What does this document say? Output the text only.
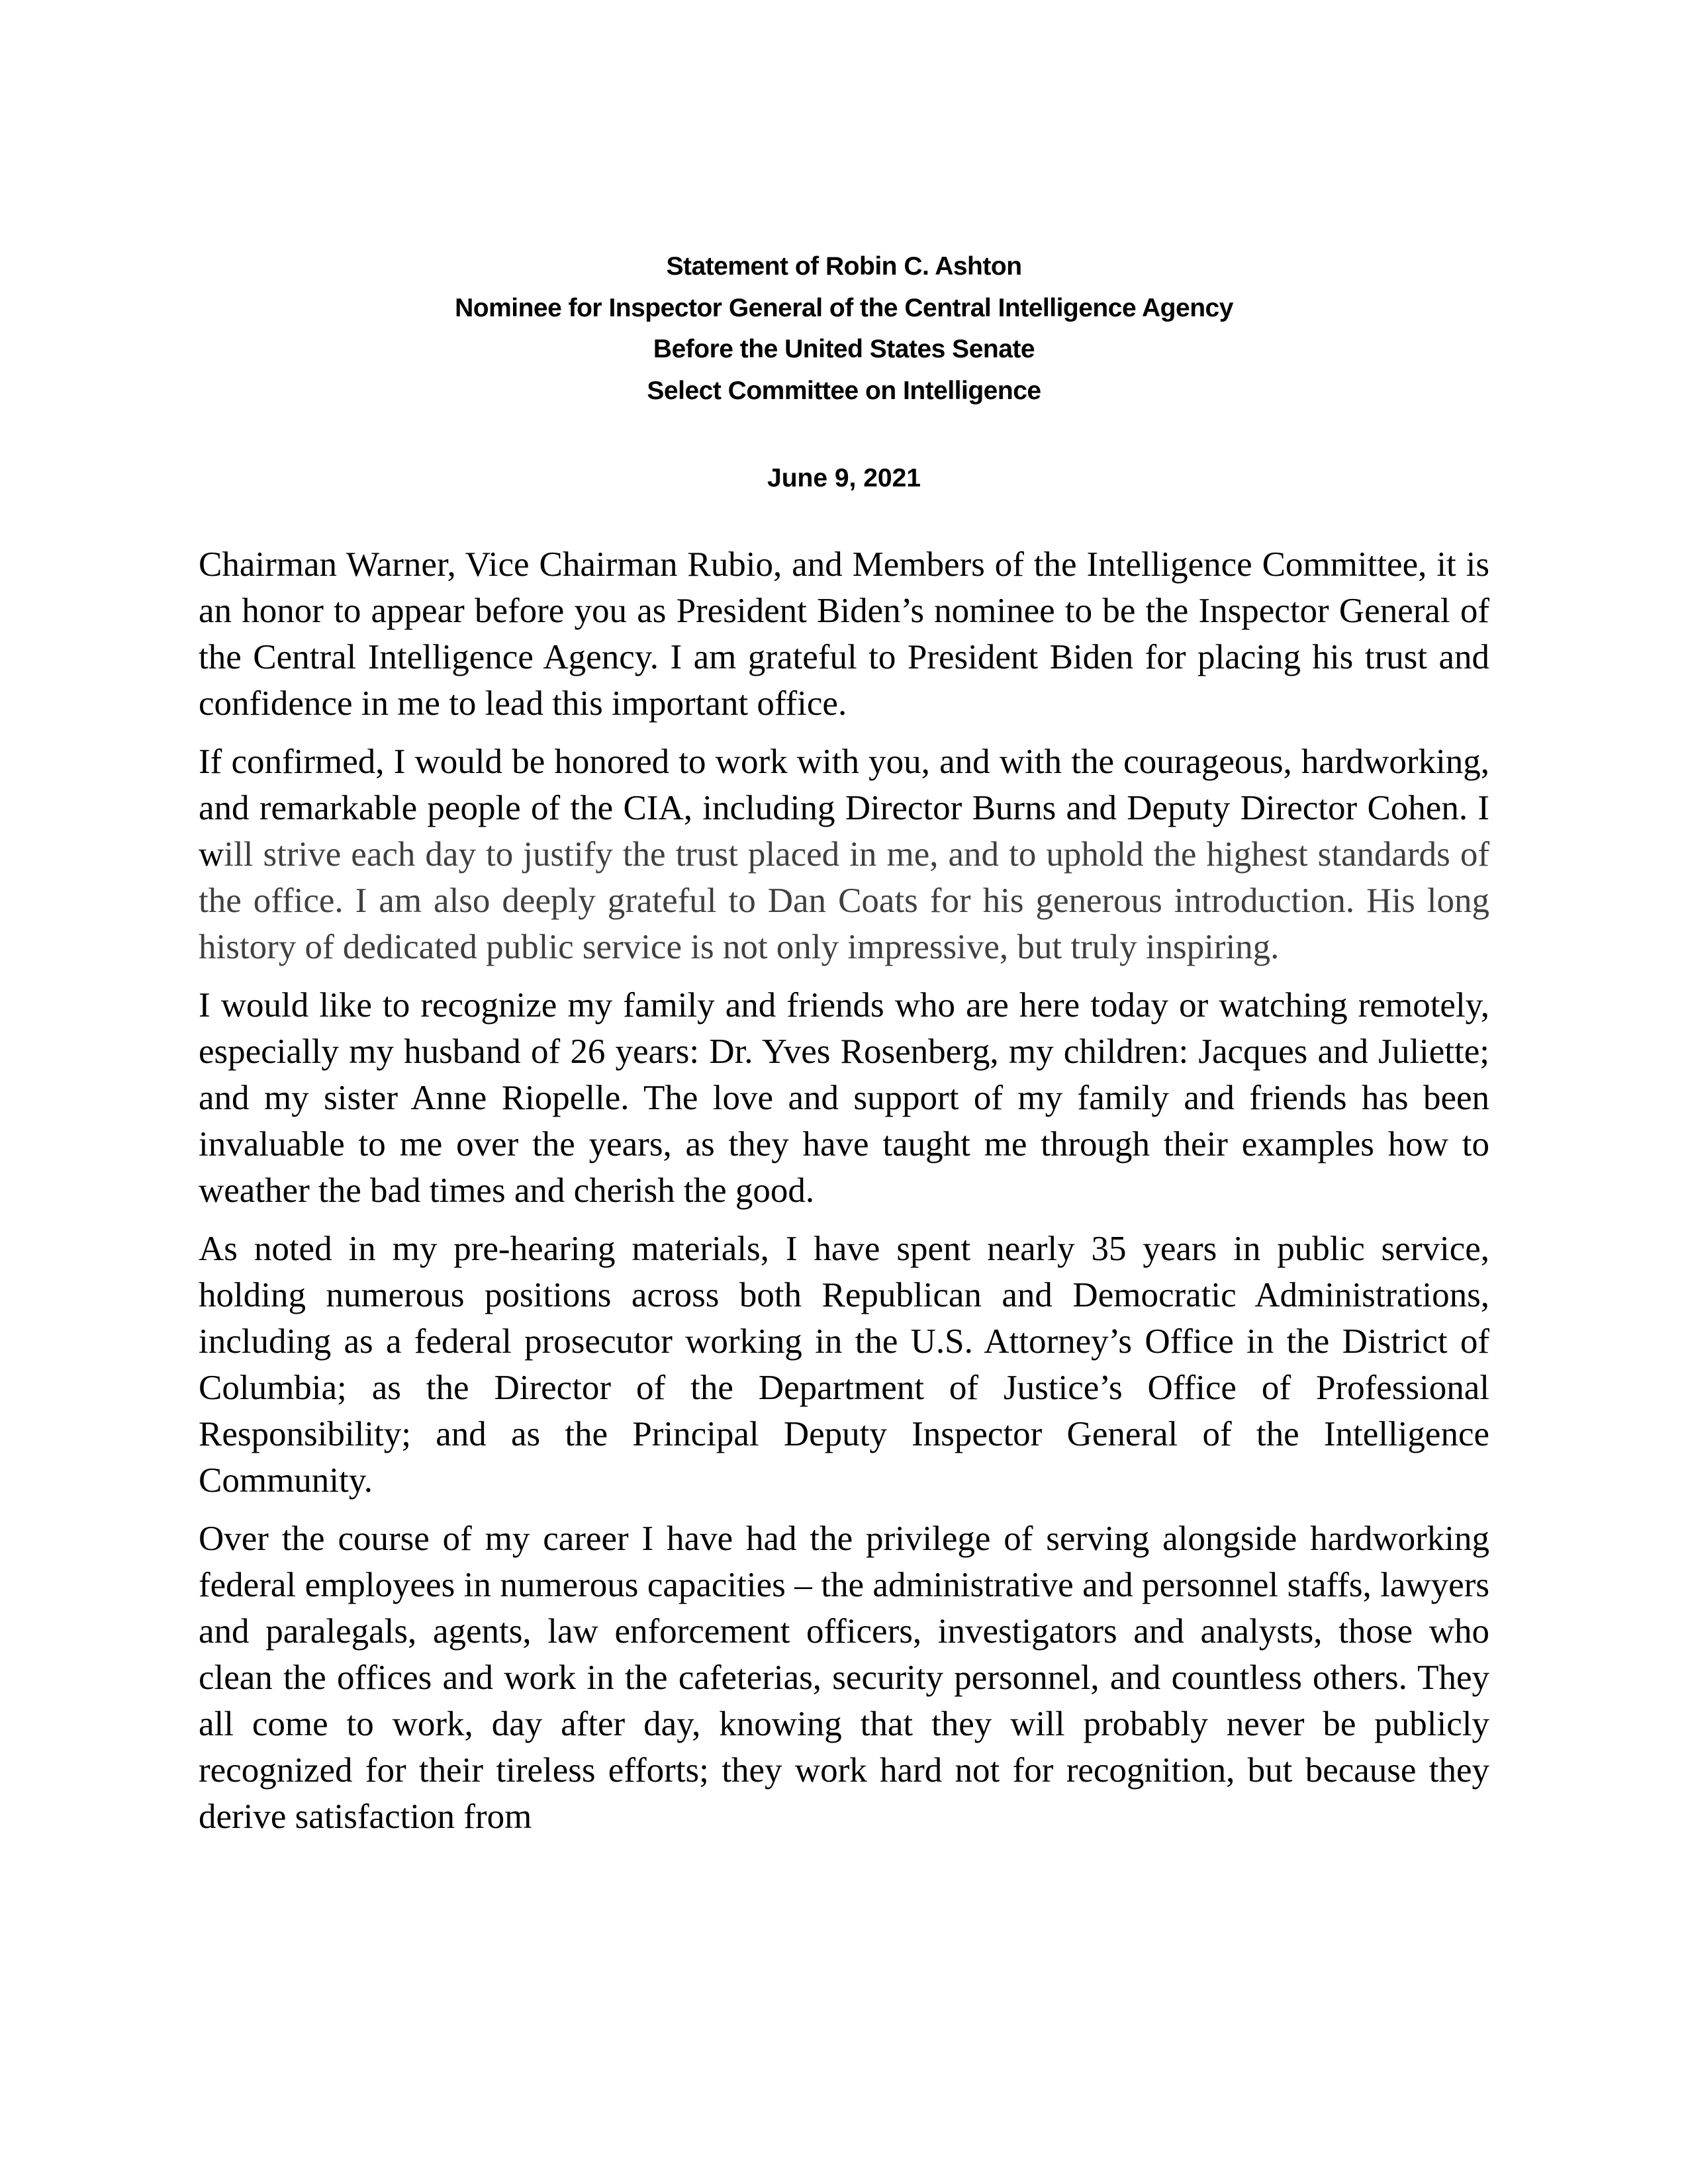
Statement of Robin C. Ashton
Nominee for Inspector General of the Central Intelligence Agency
Before the United States Senate
Select Committee on Intelligence
June 9, 2021

Chairman Warner, Vice Chairman Rubio, and Members of the Intelligence Committee, it is an honor to appear before you as President Biden’s nominee to be the Inspector General of the Central Intelligence Agency. I am grateful to President Biden for placing his trust and confidence in me to lead this important office.

If confirmed, I would be honored to work with you, and with the courageous, hardworking, and remarkable people of the CIA, including Director Burns and Deputy Director Cohen. I will strive each day to justify the trust placed in me, and to uphold the highest standards of the office. I am also deeply grateful to Dan Coats for his generous introduction. His long history of dedicated public service is not only impressive, but truly inspiring.

I would like to recognize my family and friends who are here today or watching remotely, especially my husband of 26 years: Dr. Yves Rosenberg, my children: Jacques and Juliette; and my sister Anne Riopelle. The love and support of my family and friends has been invaluable to me over the years, as they have taught me through their examples how to weather the bad times and cherish the good.

As noted in my pre-hearing materials, I have spent nearly 35 years in public service, holding numerous positions across both Republican and Democratic Administrations, including as a federal prosecutor working in the U.S. Attorney’s Office in the District of Columbia; as the Director of the Department of Justice’s Office of Professional Responsibility; and as the Principal Deputy Inspector General of the Intelligence Community.

Over the course of my career I have had the privilege of serving alongside hardworking federal employees in numerous capacities – the administrative and personnel staffs, lawyers and paralegals, agents, law enforcement officers, investigators and analysts, those who clean the offices and work in the cafeterias, security personnel, and countless others. They all come to work, day after day, knowing that they will probably never be publicly recognized for their tireless efforts; they work hard not for recognition, but because they derive satisfaction from
